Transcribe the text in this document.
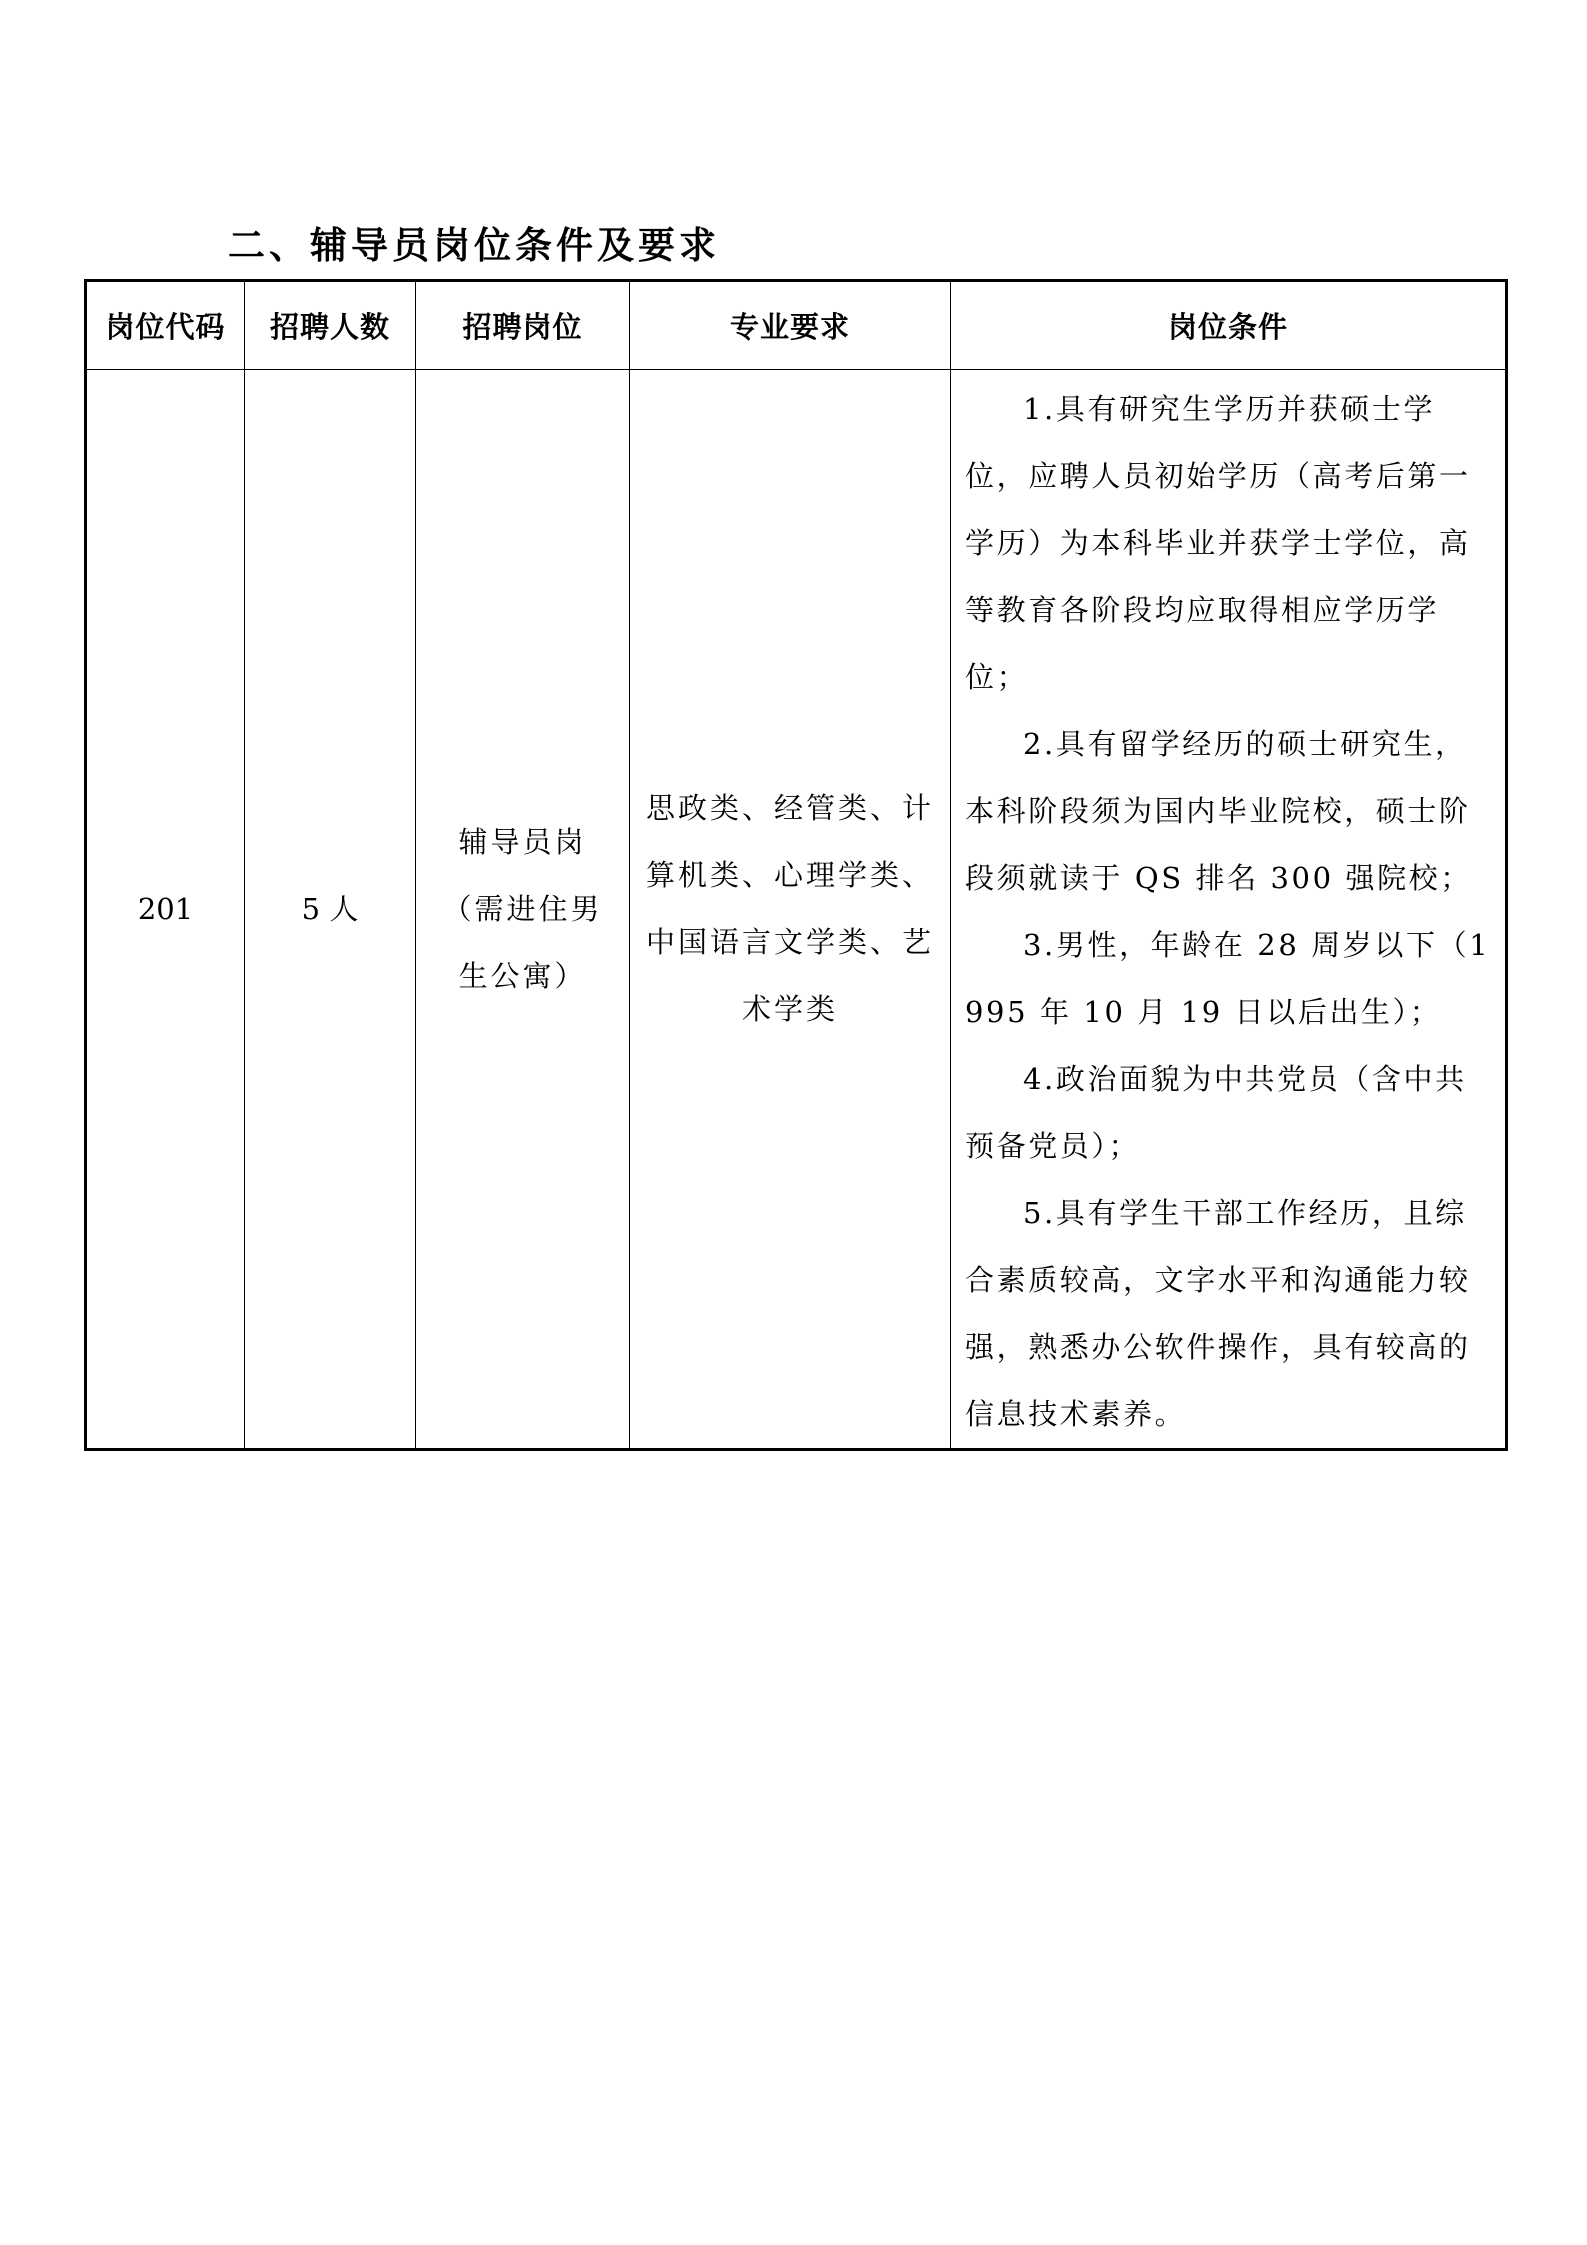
二、辅导员岗位条件及要求
岗位代码	招聘人数	招聘岗位	专业要求	岗位条件
201	5 人	辅导员岗（需进住男生公寓）	思政类、经管类、计算机类、心理学类、中国语言文学类、艺术学类	1.具有研究生学历并获硕士学位，应聘人员初始学历（高考后第一学历）为本科毕业并获学士学位，高等教育各阶段均应取得相应学历学位；

2.具有留学经历的硕士研究生，本科阶段须为国内毕业院校，硕士阶段须就读于 QS 排名 300 强院校；

3.男性，年龄在 28 周岁以下（1995 年 10 月 19 日以后出生）；

4.政治面貌为中共党员（含中共预备党员）；

5.具有学生干部工作经历，且综合素质较高，文字水平和沟通能力较强，熟悉办公软件操作，具有较高的信息技术素养。
